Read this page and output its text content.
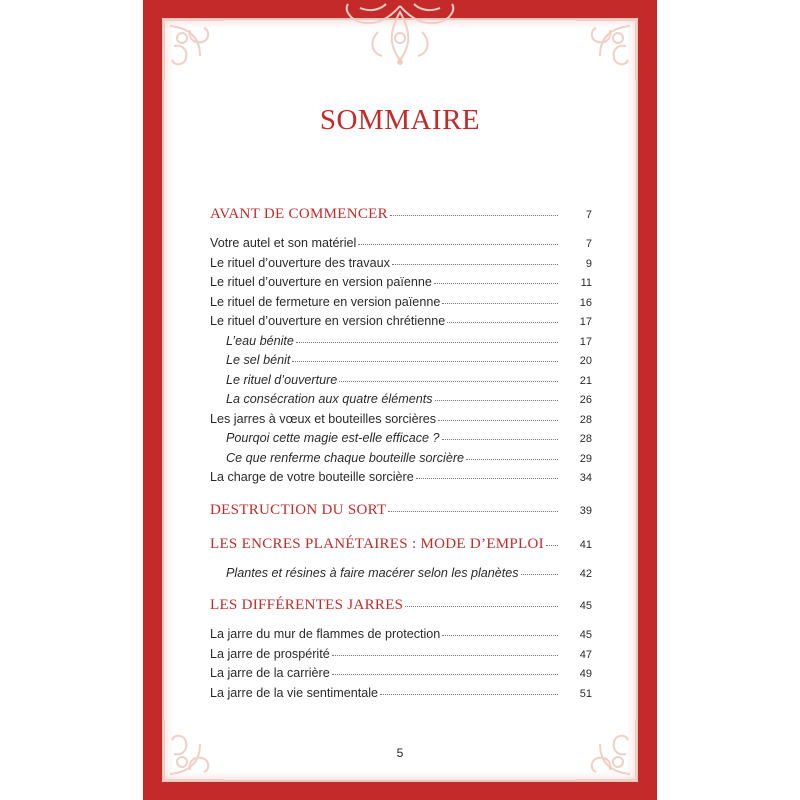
SOMMAIRE
AVANT DE COMMENCER	7
Votre autel et son matériel	7
Le rituel d’ouverture des travaux	9
Le rituel d’ouverture en version païenne	11
Le rituel de fermeture en version païenne	16
Le rituel d’ouverture en version chrétienne	17
L’eau bénite	17
Le sel bénit	20
Le rituel d’ouverture	21
La consécration aux quatre éléments	26
Les jarres à vœux et bouteilles sorcières	28
Pourqoi cette magie est-elle efficace ?	28
Ce que renferme chaque bouteille sorcière	29
La charge de votre bouteille sorcière	34
DESTRUCTION DU SORT	39
LES ENCRES PLANÉTAIRES : MODE D’EMPLOI	41
Plantes et résines à faire macérer selon les planètes	42
LES DIFFÉRENTES JARRES	45
La jarre du mur de flammes de protection	45
La jarre de prospérité	47
La jarre de la carrière	49
La jarre de la vie sentimentale	51
5
